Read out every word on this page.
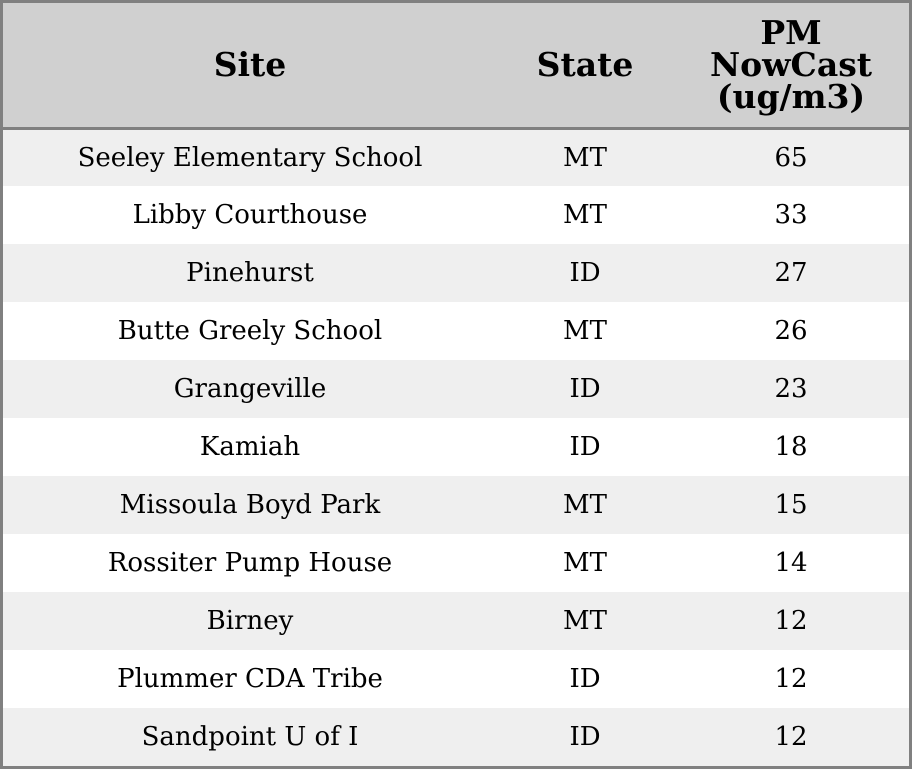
Site	State	PM
NowCast
(ug/m3)
Seeley Elementary School	MT	65
Libby Courthouse	MT	33
Pinehurst	ID	27
Butte Greely School	MT	26
Grangeville	ID	23
Kamiah	ID	18
Missoula Boyd Park	MT	15
Rossiter Pump House	MT	14
Birney	MT	12
Plummer CDA Tribe	ID	12
Sandpoint U of I	ID	12
